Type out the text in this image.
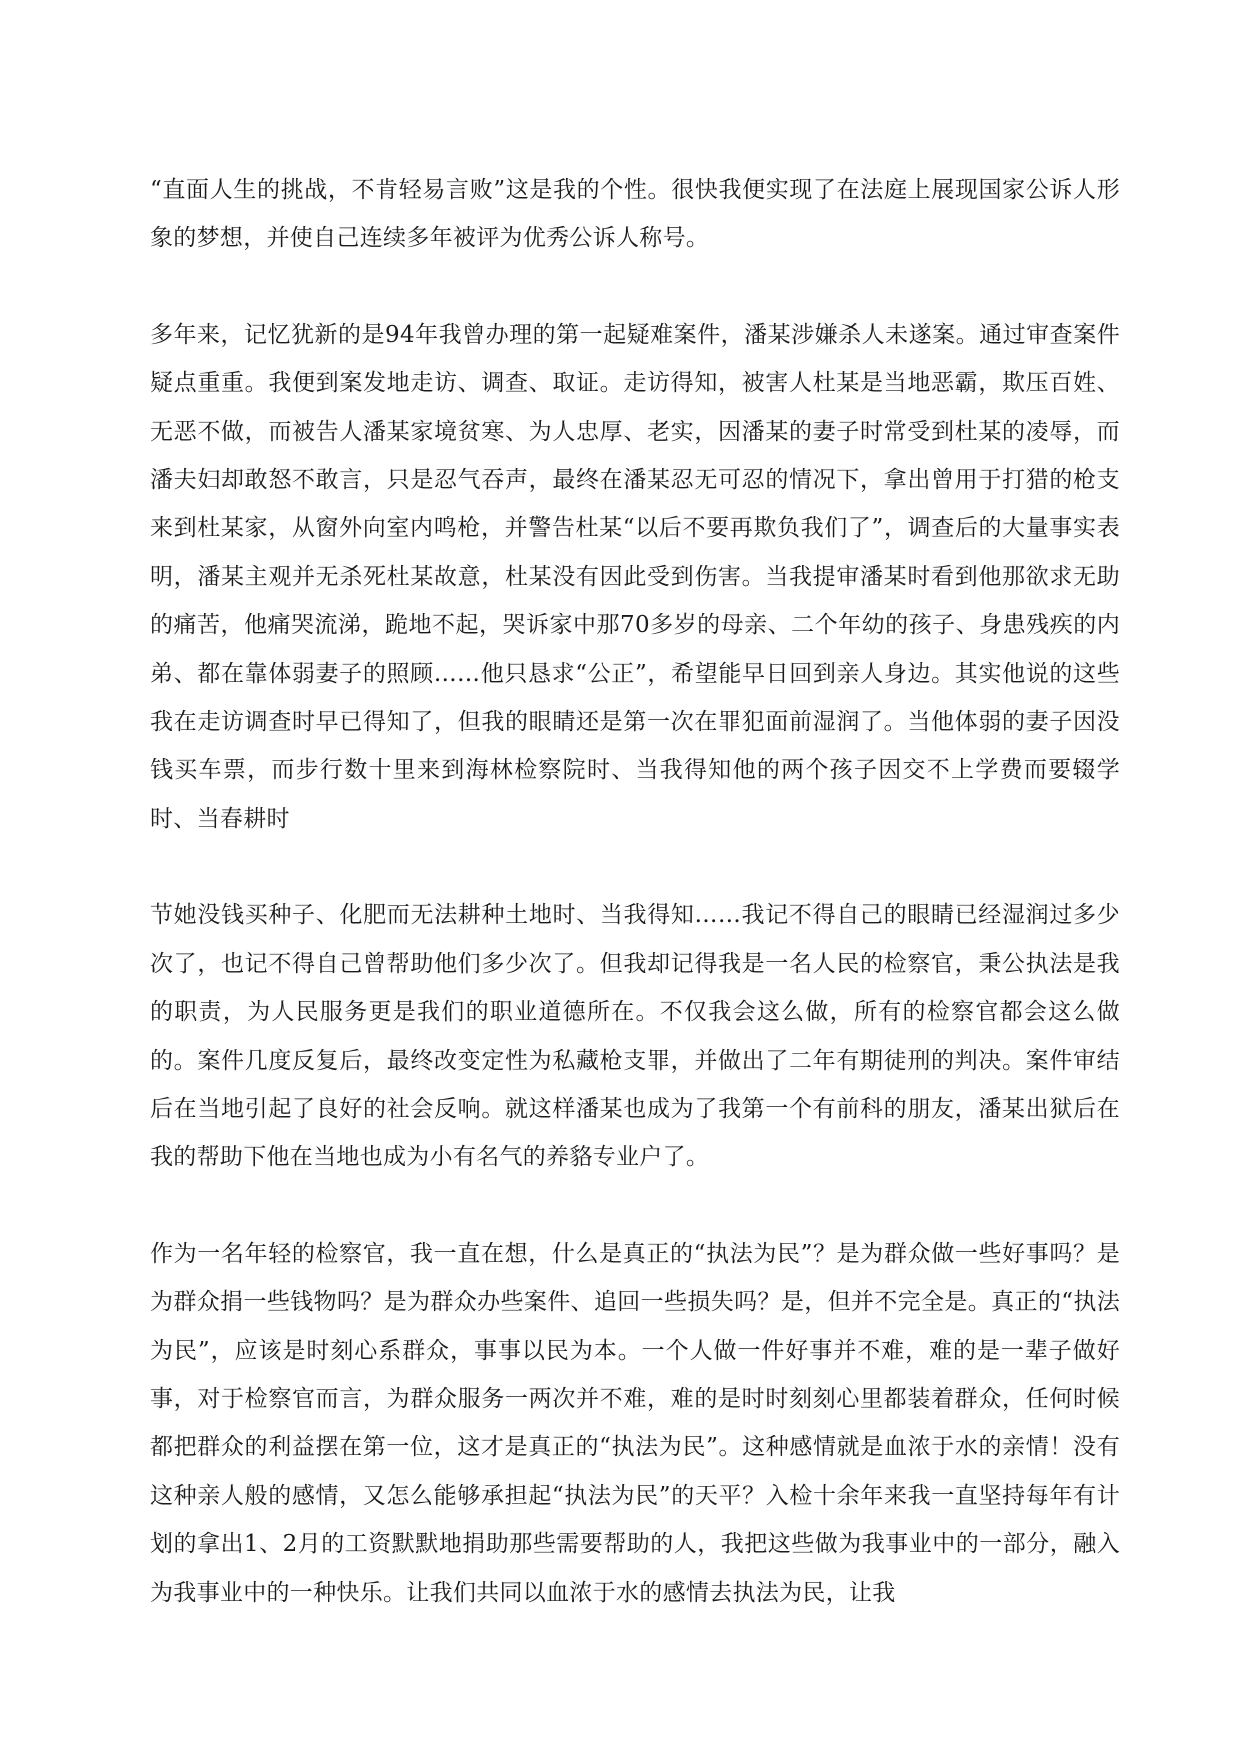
“直面人生的挑战，不肯轻易言败”这是我的个性。很快我便实现了在法庭上展现国家公诉人形象的梦想，并使自己连续多年被评为优秀公诉人称号。

多年来，记忆犹新的是94年我曾办理的第一起疑难案件，潘某涉嫌杀人未遂案。通过审查案件疑点重重。我便到案发地走访、调查、取证。走访得知，被害人杜某是当地恶霸，欺压百姓、无恶不做，而被告人潘某家境贫寒、为人忠厚、老实，因潘某的妻子时常受到杜某的凌辱，而潘夫妇却敢怒不敢言，只是忍气吞声，最终在潘某忍无可忍的情况下，拿出曾用于打猎的枪支来到杜某家，从窗外向室内鸣枪，并警告杜某“以后不要再欺负我们了”，调查后的大量事实表明，潘某主观并无杀死杜某故意，杜某没有因此受到伤害。当我提审潘某时看到他那欲求无助的痛苦，他痛哭流涕，跪地不起，哭诉家中那70多岁的母亲、二个年幼的孩子、身患残疾的内弟、都在靠体弱妻子的照顾……他只恳求“公正”，希望能早日回到亲人身边。其实他说的这些我在走访调查时早已得知了，但我的眼睛还是第一次在罪犯面前湿润了。当他体弱的妻子因没钱买车票，而步行数十里来到海林检察院时、当我得知他的两个孩子因交不上学费而要辍学时、当春耕时

节她没钱买种子、化肥而无法耕种土地时、当我得知……我记不得自己的眼睛已经湿润过多少次了，也记不得自己曾帮助他们多少次了。但我却记得我是一名人民的检察官，秉公执法是我的职责，为人民服务更是我们的职业道德所在。不仅我会这么做，所有的检察官都会这么做的。案件几度反复后，最终改变定性为私藏枪支罪，并做出了二年有期徒刑的判决。案件审结后在当地引起了良好的社会反响。就这样潘某也成为了我第一个有前科的朋友，潘某出狱后在我的帮助下他在当地也成为小有名气的养貉专业户了。

作为一名年轻的检察官，我一直在想，什么是真正的“执法为民”？是为群众做一些好事吗？是为群众捐一些钱物吗？是为群众办些案件、追回一些损失吗？是，但并不完全是。真正的“执法为民”，应该是时刻心系群众，事事以民为本。一个人做一件好事并不难，难的是一辈子做好事，对于检察官而言，为群众服务一两次并不难，难的是时时刻刻心里都装着群众，任何时候都把群众的利益摆在第一位，这才是真正的“执法为民”。这种感情就是血浓于水的亲情！没有这种亲人般的感情，又怎么能够承担起“执法为民”的天平？入检十余年来我一直坚持每年有计划的拿出1、2月的工资默默地捐助那些需要帮助的人，我把这些做为我事业中的一部分，融入为我事业中的一种快乐。让我们共同以血浓于水的感情去执法为民，让我
